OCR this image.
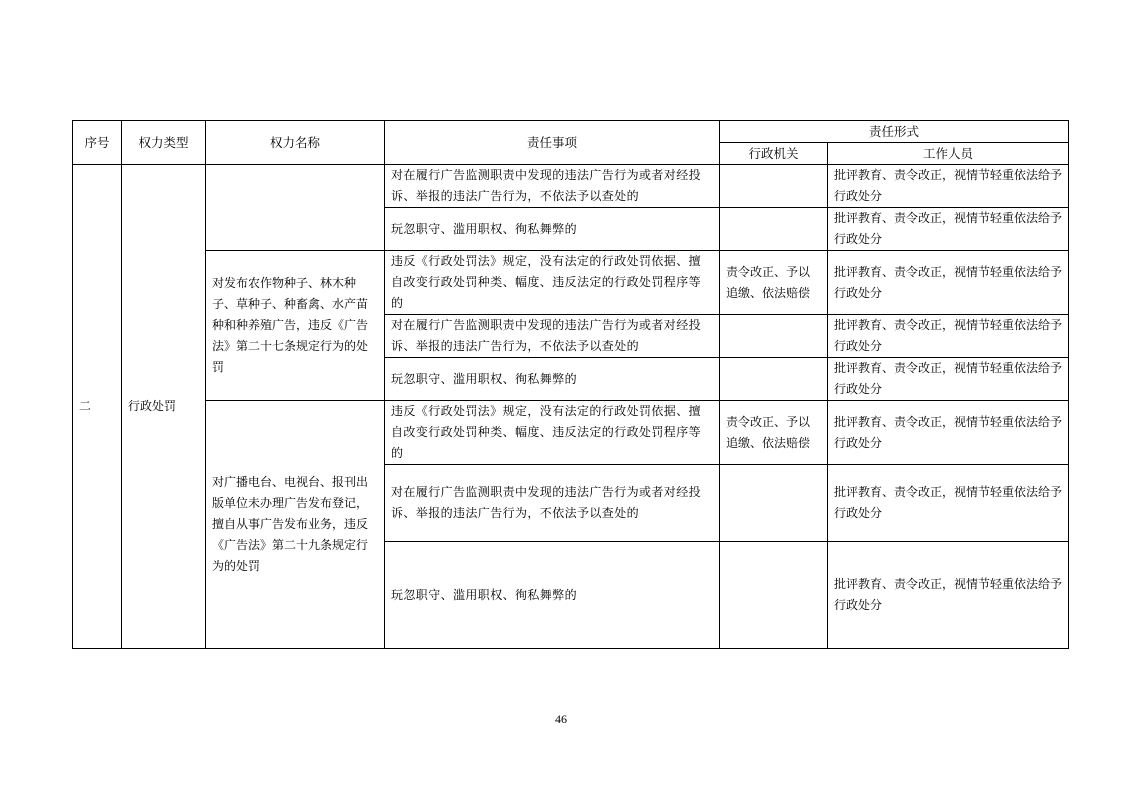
序号	权力类型	权力名称	责任事项	责任形式	
				行政机关	工作人员
二	行政处罚		对在履行广告监测职责中发现的违法广告行为或者对经投诉、举报的违法广告行为，不依法予以查处的		批评教育、责令改正，视情节轻重依法给予行政处分
			玩忽职守、滥用职权、徇私舞弊的		批评教育、责令改正，视情节轻重依法给予行政处分
		对发布农作物种子、林木种子、草种子、种畜禽、水产苗种和种养殖广告，违反《广告法》第二十七条规定行为的处罚	违反《行政处罚法》规定，没有法定的行政处罚依据、擅自改变行政处罚种类、幅度、违反法定的行政处罚程序等的	责令改正、予以追缴、依法赔偿	批评教育、责令改正，视情节轻重依法给予行政处分
			对在履行广告监测职责中发现的违法广告行为或者对经投诉、举报的违法广告行为，不依法予以查处的		批评教育、责令改正，视情节轻重依法给予行政处分
			玩忽职守、滥用职权、徇私舞弊的		批评教育、责令改正，视情节轻重依法给予行政处分
		对广播电台、电视台、报刊出版单位未办理广告发布登记，擅自从事广告发布业务，违反《广告法》第二十九条规定行为的处罚	违反《行政处罚法》规定，没有法定的行政处罚依据、擅自改变行政处罚种类、幅度、违反法定的行政处罚程序等的	责令改正、予以追缴、依法赔偿	批评教育、责令改正，视情节轻重依法给予行政处分
			对在履行广告监测职责中发现的违法广告行为或者对经投诉、举报的违法广告行为，不依法予以查处的		批评教育、责令改正，视情节轻重依法给予行政处分
			玩忽职守、滥用职权、徇私舞弊的		批评教育、责令改正，视情节轻重依法给予行政处分
46
